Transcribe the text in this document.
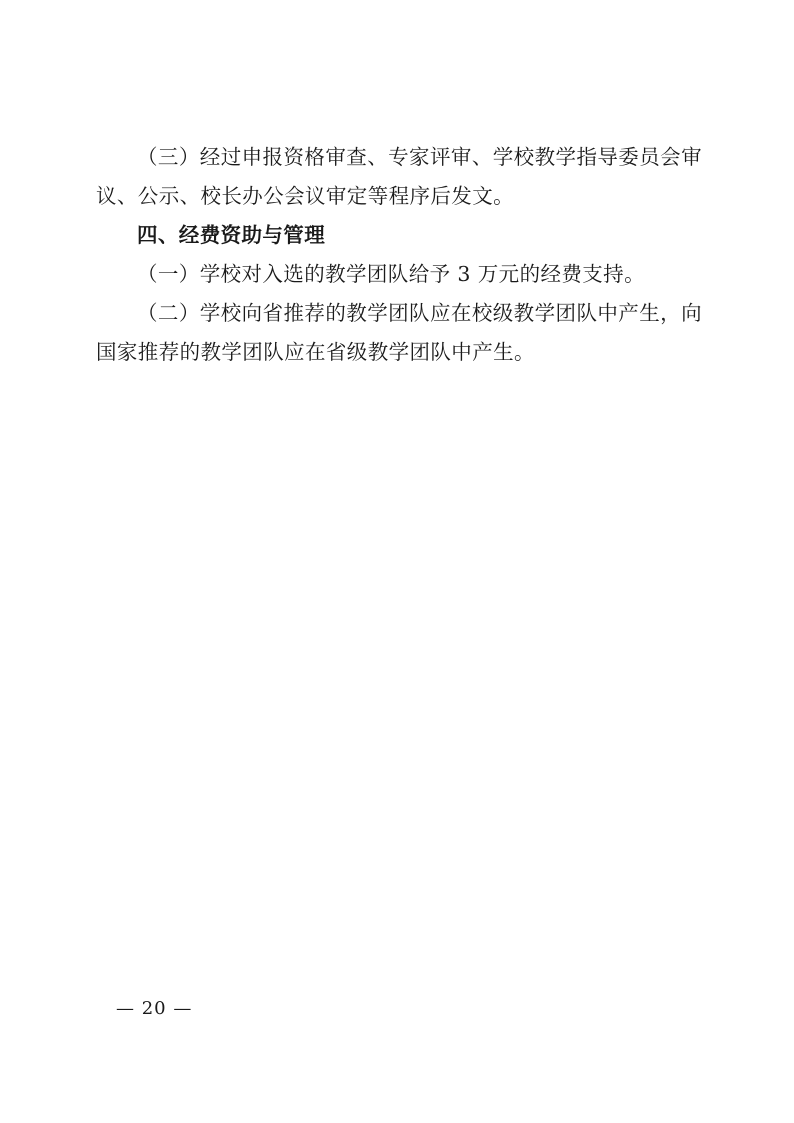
（三）经过申报资格审查、专家评审、学校教学指导委员会审议、公示、校长办公会议审定等程序后发文。

四、经费资助与管理

（一）学校对入选的教学团队给予 3 万元的经费支持。

（二）学校向省推荐的教学团队应在校级教学团队中产生，向国家推荐的教学团队应在省级教学团队中产生。

— 20 —
